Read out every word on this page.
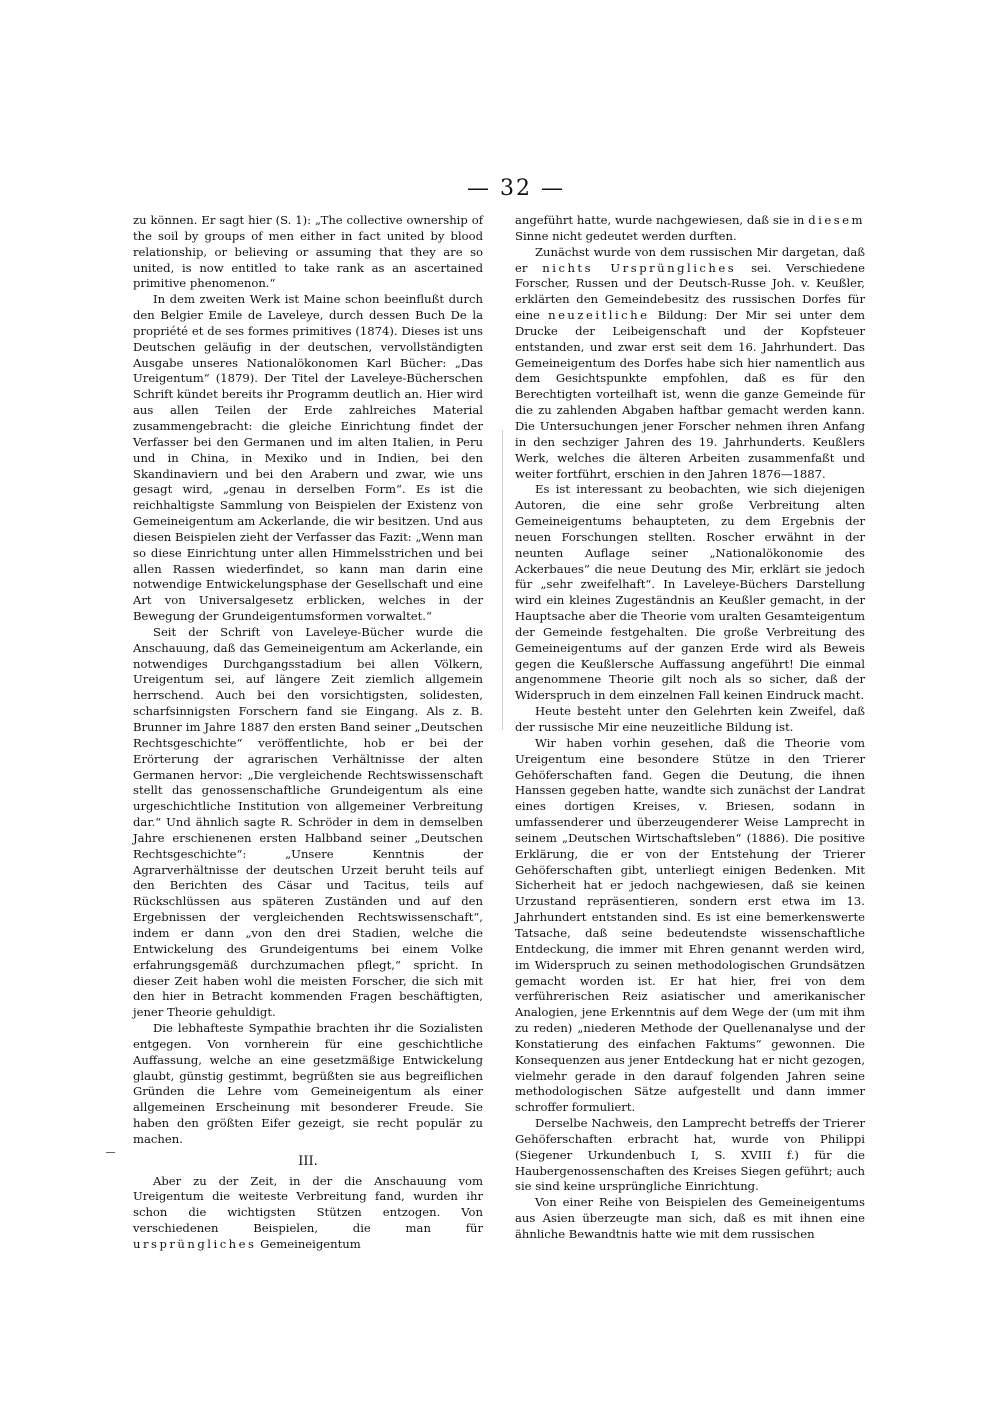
— 32 —

zu können. Er sagt hier (S. 1): „The collective ownership of the soil by groups of men either in fact united by blood relationship, or believing or assuming that they are so united, is now entitled to take rank as an ascertained primitive phenomenon.“

In dem zweiten Werk ist Maine schon beeinflußt durch den Belgier Emile de Laveleye, durch dessen Buch De la propriété et de ses formes primitives (1874). Dieses ist uns Deutschen geläufig in der deutschen, vervollständigten Ausgabe unseres Nationalökonomen Karl Bücher: „Das Ureigentum“ (1879). Der Titel der Laveleye-Bücherschen Schrift kündet bereits ihr Programm deutlich an. Hier wird aus allen Teilen der Erde zahlreiches Material zusammengebracht: die gleiche Einrichtung findet der Verfasser bei den Germanen und im alten Italien, in Peru und in China, in Mexiko und in Indien, bei den Skandinaviern und bei den Arabern und zwar, wie uns gesagt wird, „genau in derselben Form“. Es ist die reichhaltigste Sammlung von Beispielen der Existenz von Gemeineigentum am Ackerlande, die wir besitzen. Und aus diesen Beispielen zieht der Verfasser das Fazit: „Wenn man so diese Einrichtung unter allen Himmelsstrichen und bei allen Rassen wiederfindet, so kann man darin eine notwendige Entwickelungsphase der Gesellschaft und eine Art von Universalgesetz erblicken, welches in der Bewegung der Grundeigentumsformen vorwaltet.“

Seit der Schrift von Laveleye-Bücher wurde die Anschauung, daß das Gemeineigentum am Ackerlande, ein notwendiges Durchgangsstadium bei allen Völkern, Ureigentum sei, auf längere Zeit ziemlich allgemein herrschend. Auch bei den vorsichtigsten, solidesten, scharfsinnigsten Forschern fand sie Eingang. Als z. B. Brunner im Jahre 1887 den ersten Band seiner „Deutschen Rechtsgeschichte“ veröffentlichte, hob er bei der Erörterung der agrarischen Verhältnisse der alten Germanen hervor: „Die vergleichende Rechtswissenschaft stellt das genossenschaftliche Grundeigentum als eine urgeschichtliche Institution von allgemeiner Verbreitung dar.“ Und ähnlich sagte R. Schröder in dem in demselben Jahre erschienenen ersten Halbband seiner „Deutschen Rechtsgeschichte“: „Unsere Kenntnis der Agrarverhältnisse der deutschen Urzeit beruht teils auf den Berichten des Cäsar und Tacitus, teils auf Rückschlüssen aus späteren Zuständen und auf den Ergebnissen der vergleichenden Rechtswissenschaft“, indem er dann „von den drei Stadien, welche die Entwickelung des Grundeigentums bei einem Volke erfahrungsgemäß durchzumachen pflegt,“ spricht. In dieser Zeit haben wohl die meisten Forscher, die sich mit den hier in Betracht kommenden Fragen beschäftigten, jener Theorie gehuldigt.

Die lebhafteste Sympathie brachten ihr die Sozialisten entgegen. Von vornherein für eine geschichtliche Auffassung, welche an eine gesetzmäßige Entwickelung glaubt, günstig gestimmt, begrüßten sie aus begreiflichen Gründen die Lehre vom Gemeineigentum als einer allgemeinen Erscheinung mit besonderer Freude. Sie haben den größten Eifer gezeigt, sie recht populär zu machen.

III.

Aber zu der Zeit, in der die Anschauung vom Ureigentum die weiteste Verbreitung fand, wurden ihr schon die wichtigsten Stützen entzogen. Von verschiedenen Beispielen, die man für ursprüngliches Gemeineigentum

angeführt hatte, wurde nachgewiesen, daß sie in diesem Sinne nicht gedeutet werden durften.

Zunächst wurde von dem russischen Mir dargetan, daß er nichts Ursprüngliches sei. Verschiedene Forscher, Russen und der Deutsch-Russe Joh. v. Keußler, erklärten den Gemeindebesitz des russischen Dorfes für eine neuzeitliche Bildung: Der Mir sei unter dem Drucke der Leibeigenschaft und der Kopfsteuer entstanden, und zwar erst seit dem 16. Jahrhundert. Das Gemeineigentum des Dorfes habe sich hier namentlich aus dem Gesichtspunkte empfohlen, daß es für den Berechtigten vorteilhaft ist, wenn die ganze Gemeinde für die zu zahlenden Abgaben haftbar gemacht werden kann. Die Untersuchungen jener Forscher nehmen ihren Anfang in den sechziger Jahren des 19. Jahrhunderts. Keußlers Werk, welches die älteren Arbeiten zusammenfaßt und weiter fortführt, erschien in den Jahren 1876—1887.

Es ist interessant zu beobachten, wie sich diejenigen Autoren, die eine sehr große Verbreitung alten Gemeineigentums behaupteten, zu dem Ergebnis der neuen Forschungen stellten. Roscher erwähnt in der neunten Auflage seiner „Nationalökonomie des Ackerbaues“ die neue Deutung des Mir, erklärt sie jedoch für „sehr zweifelhaft“. In Laveleye-Büchers Darstellung wird ein kleines Zugeständnis an Keußler gemacht, in der Hauptsache aber die Theorie vom uralten Gesamteigentum der Gemeinde festgehalten. Die große Verbreitung des Gemeineigentums auf der ganzen Erde wird als Beweis gegen die Keußlersche Auffassung angeführt! Die einmal angenommene Theorie gilt noch als so sicher, daß der Widerspruch in dem einzelnen Fall keinen Eindruck macht.

Heute besteht unter den Gelehrten kein Zweifel, daß der russische Mir eine neuzeitliche Bildung ist.

Wir haben vorhin gesehen, daß die Theorie vom Ureigentum eine besondere Stütze in den Trierer Gehöferschaften fand. Gegen die Deutung, die ihnen Hanssen gegeben hatte, wandte sich zunächst der Landrat eines dortigen Kreises, v. Briesen, sodann in umfassenderer und überzeugenderer Weise Lamprecht in seinem „Deutschen Wirtschaftsleben“ (1886). Die positive Erklärung, die er von der Entstehung der Trierer Gehöferschaften gibt, unterliegt einigen Bedenken. Mit Sicherheit hat er jedoch nachgewiesen, daß sie keinen Urzustand repräsentieren, sondern erst etwa im 13. Jahrhundert entstanden sind. Es ist eine bemerkenswerte Tatsache, daß seine bedeutendste wissenschaftliche Entdeckung, die immer mit Ehren genannt werden wird, im Widerspruch zu seinen methodologischen Grundsätzen gemacht worden ist. Er hat hier, frei von dem verführerischen Reiz asiatischer und amerikanischer Analogien, jene Erkenntnis auf dem Wege der (um mit ihm zu reden) „niederen Methode der Quellenanalyse und der Konstatierung des einfachen Faktums“ gewonnen. Die Konsequenzen aus jener Entdeckung hat er nicht gezogen, vielmehr gerade in den darauf folgenden Jahren seine methodologischen Sätze aufgestellt und dann immer schroffer formuliert.

Derselbe Nachweis, den Lamprecht betreffs der Trierer Gehöferschaften erbracht hat, wurde von Philippi (Siegener Urkundenbuch I, S. XVIII f.) für die Haubergenossenschaften des Kreises Siegen geführt; auch sie sind keine ursprüngliche Einrichtung.

Von einer Reihe von Beispielen des Gemeineigentums aus Asien überzeugte man sich, daß es mit ihnen eine ähnliche Bewandtnis hatte wie mit dem russischen
